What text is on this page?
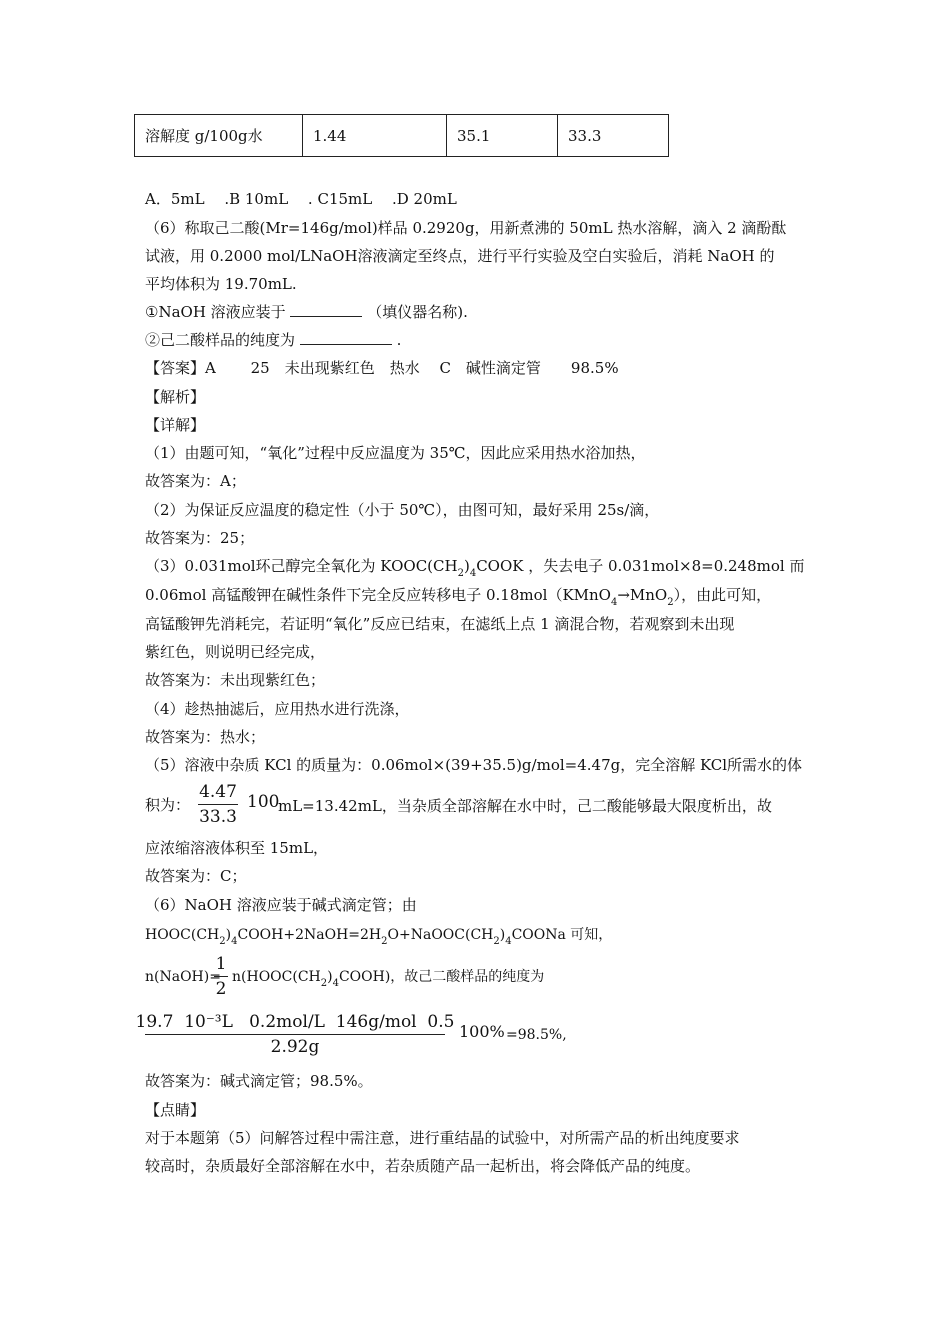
溶解度 g/100g水	1.44	35.1	33.3
A．5mL　 .B 10mL　 . C15mL　 .D 20mL
（6）称取己二酸(Mr=146g/mol)样品 0.2920g，用新煮沸的 50mL 热水溶解，滴入 2 滴酚酞
试液，用 0.2000 mol/LNaOH溶液滴定至终点，进行平行实验及空白实验后，消耗 NaOH 的
平均体积为 19.70mL.
①NaOH 溶液应装于	（填仪器名称).
②己二酸样品的纯度为	.
【答案】A　 　25　未出现紫红色　热水　 C　碱性滴定管　　98.5%
【解析】
【详解】
（1）由题可知，“氧化”过程中反应温度为 35℃，因此应采用热水浴加热，
故答案为：A；
（2）为保证反应温度的稳定性（小于 50℃），由图可知，最好采用 25s/滴，
故答案为：25；
（3）0.031mol环己醇完全氧化为 $KOOC(CH_2)_4COOK$ ，失去电子 0.031mol×8=0.248mol 而
0.06mol 高锰酸钾在碱性条件下完全反应转移电子 0.18mol（KMnO$_4$→MnO$_2$），由此可知，
高锰酸钾先消耗完，若证明“氧化”反应已结束，在滤纸上点 1 滴混合物，若观察到未出现
紫红色，则说明已经完成，
故答案为：未出现紫红色；
（4）趁热抽滤后，应用热水进行洗涤，
故答案为：热水；
（5）溶液中杂质 KCl 的质量为：0.06mol×(39+35.5)g/mol=4.47g，完全溶解 KCl所需水的体
积为：
4.47
33.3
100
mL=13.42mL，当杂质全部溶解在水中时，己二酸能够最大限度析出，故
应浓缩溶液体积至 15mL，
故答案为：C；
（6）NaOH 溶液应装于碱式滴定管；由
$HOOC(CH_2)_4COOH+2NaOH=2H_2O+NaOOC(CH_2)_4COONa$ 可知，
n(NaOH)=
1
2
$n(HOOC(CH_2)_4COOH)$，故己二酸样品的纯度为
19.7  10⁻³L   0.2mol/L  146g/mol  0.5
2.92g
100% =98.5%,
故答案为：碱式滴定管；98.5%。
【点睛】
对于本题第（5）问解答过程中需注意，进行重结晶的试验中，对所需产品的析出纯度要求
较高时，杂质最好全部溶解在水中，若杂质随产品一起析出，将会降低产品的纯度。
